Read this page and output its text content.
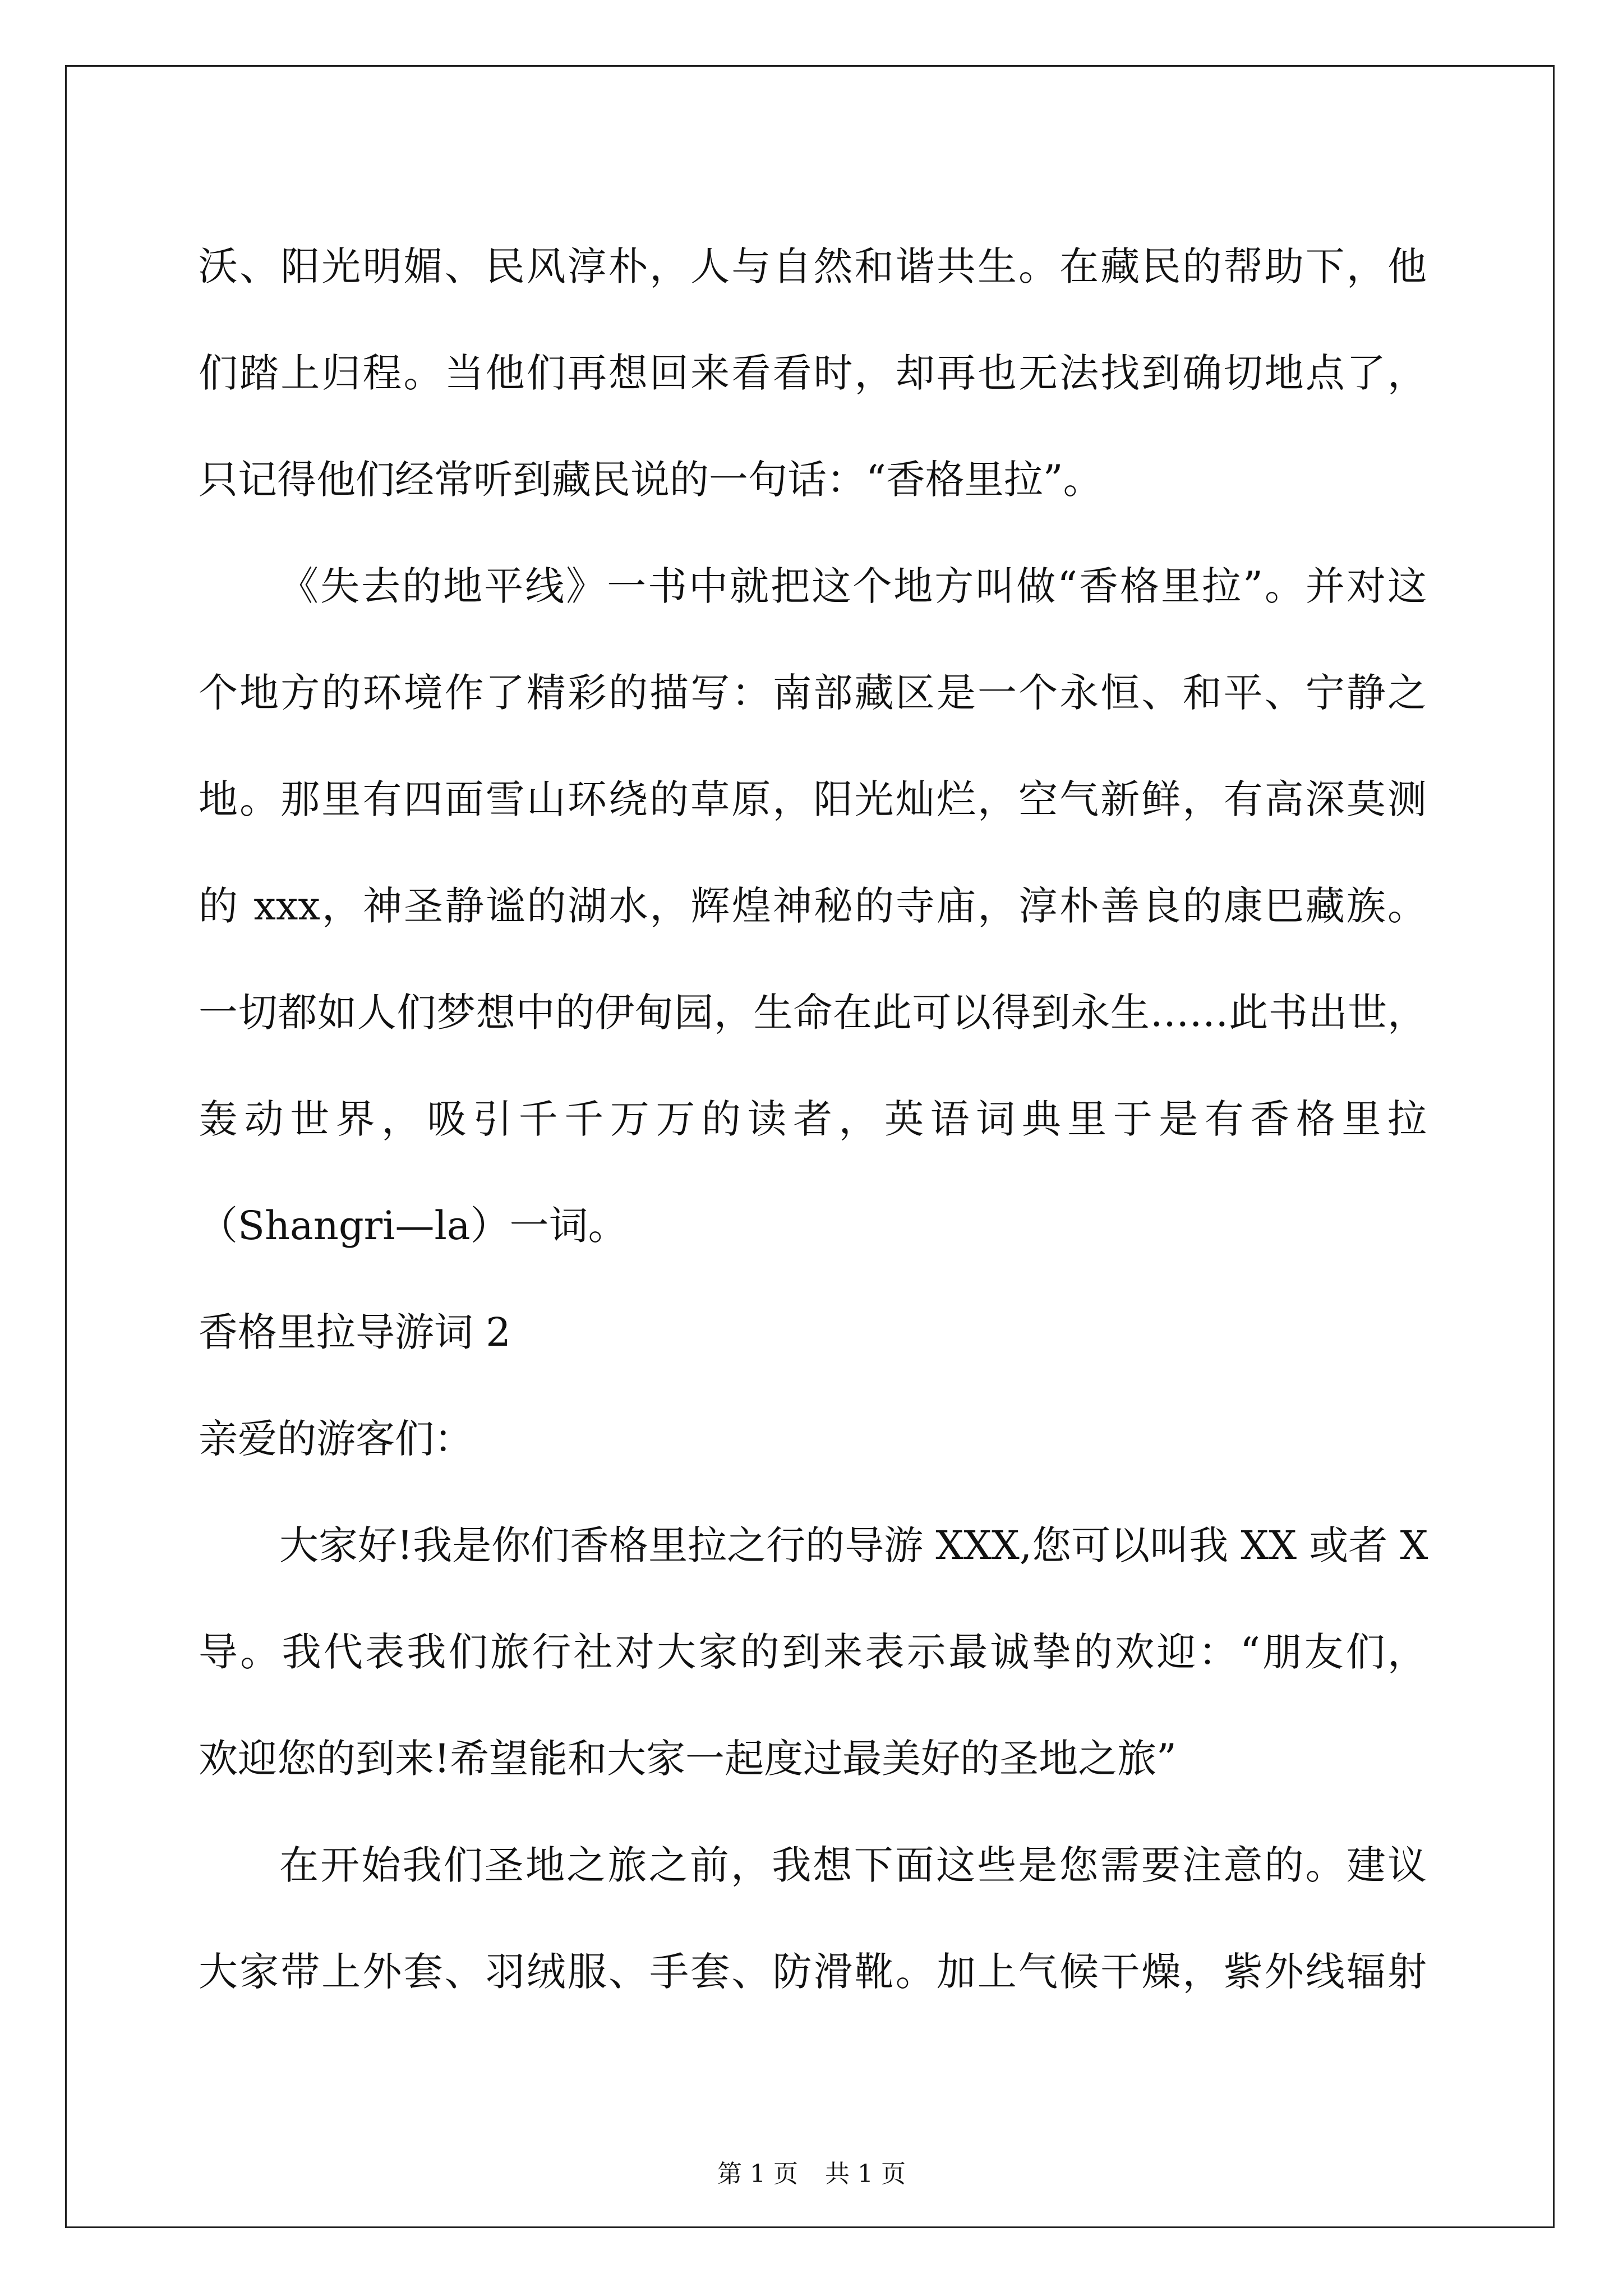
沃、阳光明媚、民风淳朴，人与自然和谐共生。在藏民的帮助下，他
们踏上归程。当他们再想回来看看时，却再也无法找到确切地点了，
只记得他们经常听到藏民说的一句话：“香格里拉”。
《失去的地平线》一书中就把这个地方叫做“香格里拉”。并对这
个地方的环境作了精彩的描写：南部藏区是一个永恒、和平、宁静之
地。那里有四面雪山环绕的草原，阳光灿烂，空气新鲜，有高深莫测
的 xxx，神圣静谧的湖水，辉煌神秘的寺庙，淳朴善良的康巴藏族。
一切都如人们梦想中的伊甸园，生命在此可以得到永生……此书出世，
轰动世界，吸引千千万万的读者，英语词典里于是有香格里拉
（Shangri—la）一词。
香格里拉导游词 2
亲爱的游客们：
大家好!我是你们香格里拉之行的导游 XXX,您可以叫我 XX 或者 X
导。我代表我们旅行社对大家的到来表示最诚挚的欢迎：“朋友们，
欢迎您的到来!希望能和大家一起度过最美好的圣地之旅”
在开始我们圣地之旅之前，我想下面这些是您需要注意的。建议
大家带上外套、羽绒服、手套、防滑靴。加上气候干燥，紫外线辐射
第 1 页 共 1 页
